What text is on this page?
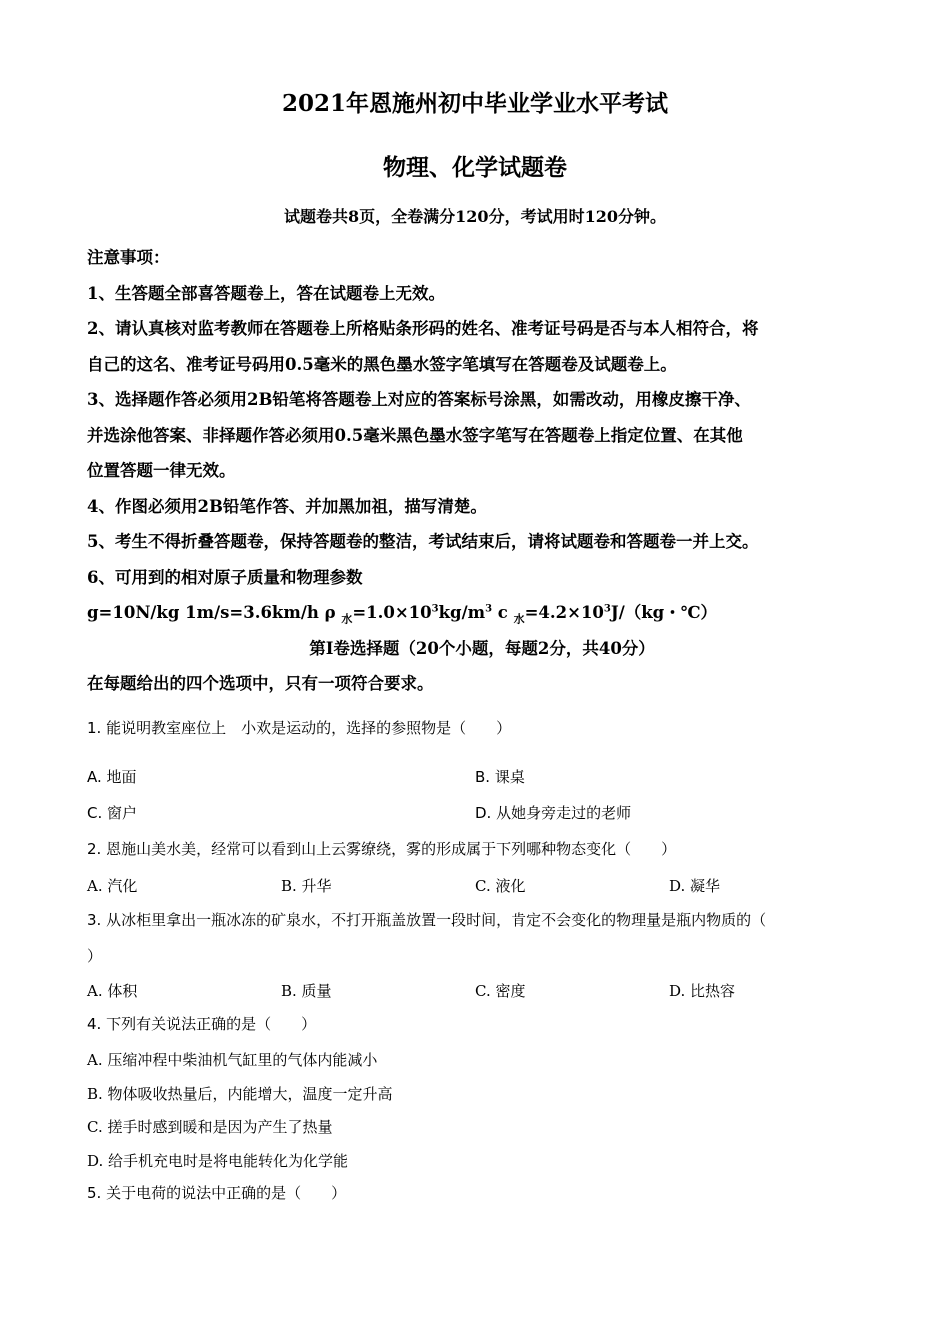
2021年恩施州初中毕业学业水平考试
物理、化学试题卷
试题卷共8页，全卷满分120分，考试用时120分钟。
注意事项：
1、生答题全部喜答题卷上，答在试题卷上无效。
2、请认真核对监考教师在答题卷上所格贴条形码的姓名、准考证号码是否与本人相符合，将
自己的这名、准考证号码用0.5毫米的黑色墨水签字笔填写在答题卷及试题卷上。
3、选择题作答必须用2B铅笔将答题卷上对应的答案标号涂黑，如需改动，用橡皮擦干净、
并选涂他答案、非择题作答必须用0.5毫米黑色墨水签字笔写在答题卷上指定位置、在其他
位置答题一律无效。
4、作图必须用2B铅笔作答、并加黑加祖，描写清楚。
5、考生不得折叠答题卷，保持答题卷的整洁，考试结束后，请将试题卷和答题卷一并上交。
6、可用到的相对原子质量和物理参数
g=10N/kg 1m/s=3.6km/h ρ $_水=1.0\times 10^3kg/m^3$ c $_水=4.2\times 10^3J/(kg$・℃）
第I卷选择题（20个小题，每题2分，共40分）
在每题给出的四个选项中，只有一项符合要求。
1. 能说明教室座位上　小欢是运动的，选择的参照物是（　　）
A. 地面	B. 课桌
C. 窗户	D. 从她身旁走过的老师
2. 恩施山美水美，经常可以看到山上云雾缭绕，雾的形成属于下列哪种物态变化（　　）
A. 汽化	B. 升华	C. 液化	D. 凝华
3. 从冰柜里拿出一瓶冰冻的矿泉水，不打开瓶盖放置一段时间，肯定不会变化的物理量是瓶内物质的（
）
A. 体积	B. 质量	C. 密度	D. 比热容
4. 下列有关说法正确的是（　　）
A. 压缩冲程中柴油机气缸里的气体内能减小
B. 物体吸收热量后，内能增大，温度一定升高
C. 搓手时感到暖和是因为产生了热量
D. 给手机充电时是将电能转化为化学能
5. 关于电荷的说法中正确的是（　　）
